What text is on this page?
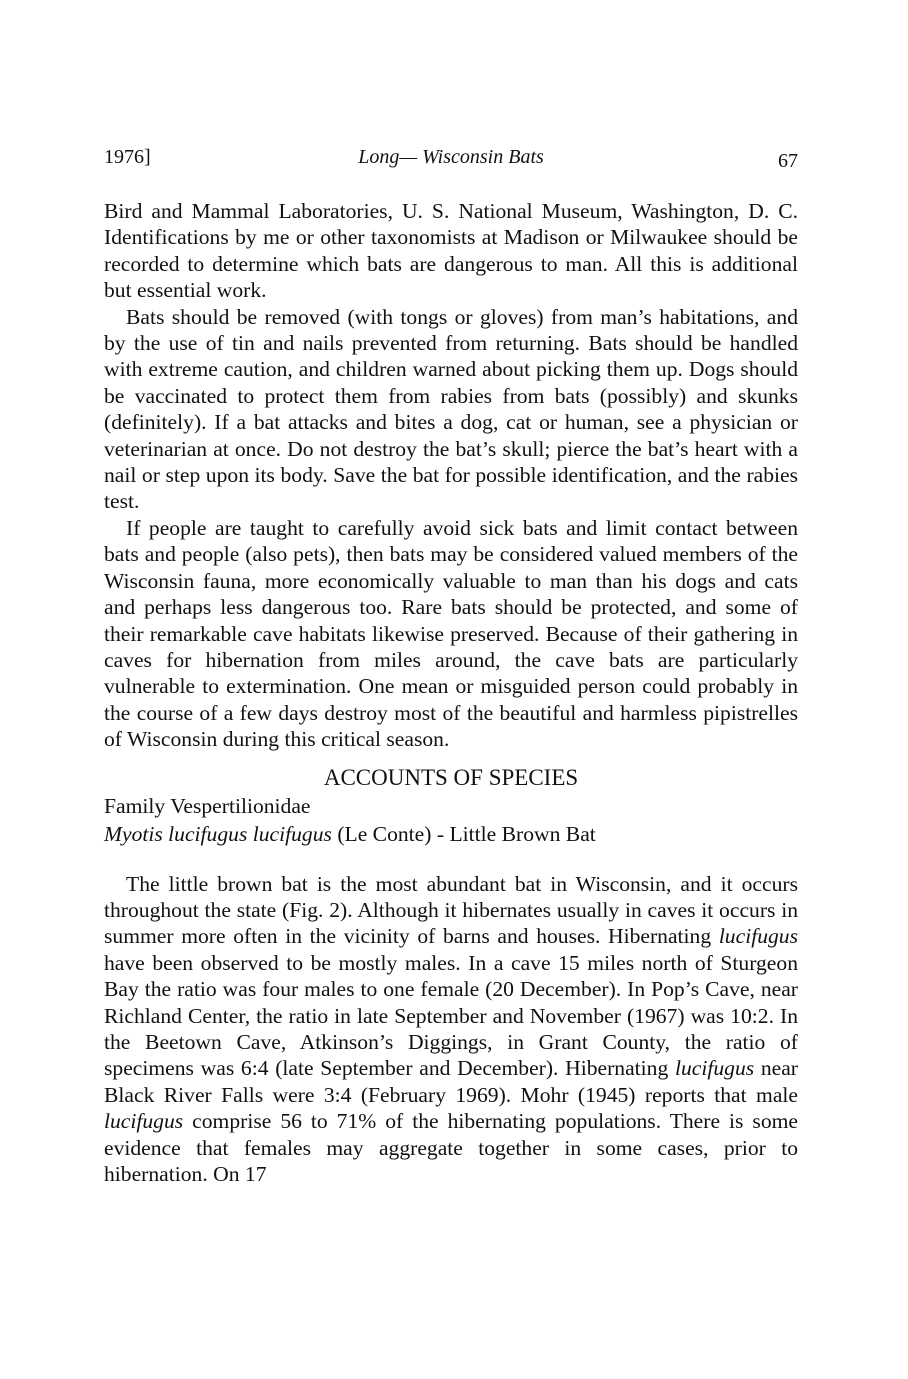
1976]	Long— Wisconsin Bats	67

Bird and Mammal Laboratories, U. S. National Museum, Washington, D. C. Identifications by me or other taxonomists at Madison or Milwaukee should be recorded to determine which bats are dangerous to man. All this is additional but essential work.

Bats should be removed (with tongs or gloves) from man’s habitations, and by the use of tin and nails prevented from returning. Bats should be handled with extreme caution, and children warned about picking them up. Dogs should be vaccinated to protect them from rabies from bats (possibly) and skunks (definitely). If a bat attacks and bites a dog, cat or human, see a physician or veterinarian at once. Do not destroy the bat’s skull; pierce the bat’s heart with a nail or step upon its body. Save the bat for possible identification, and the rabies test.

If people are taught to carefully avoid sick bats and limit contact between bats and people (also pets), then bats may be considered valued members of the Wisconsin fauna, more economically valuable to man than his dogs and cats and perhaps less dangerous too. Rare bats should be protected, and some of their remarkable cave habitats likewise preserved. Because of their gathering in caves for hibernation from miles around, the cave bats are particularly vulnerable to extermination. One mean or misguided person could probably in the course of a few days destroy most of the beautiful and harmless pipistrelles of Wisconsin during this critical season.

ACCOUNTS OF SPECIES
Family Vespertilionidae
Myotis lucifugus lucifugus (Le Conte) - Little Brown Bat

The little brown bat is the most abundant bat in Wisconsin, and it occurs throughout the state (Fig. 2). Although it hibernates usually in caves it occurs in summer more often in the vicinity of barns and houses. Hibernating lucifugus have been observed to be mostly males. In a cave 15 miles north of Sturgeon Bay the ratio was four males to one female (20 December). In Pop’s Cave, near Richland Center, the ratio in late September and November (1967) was 10:2. In the Beetown Cave, Atkinson’s Diggings, in Grant County, the ratio of specimens was 6:4 (late September and December). Hibernating lucifugus near Black River Falls were 3:4 (February 1969). Mohr (1945) reports that male lucifugus comprise 56 to 71% of the hibernating populations. There is some evidence that females may aggregate together in some cases, prior to hibernation. On 17
